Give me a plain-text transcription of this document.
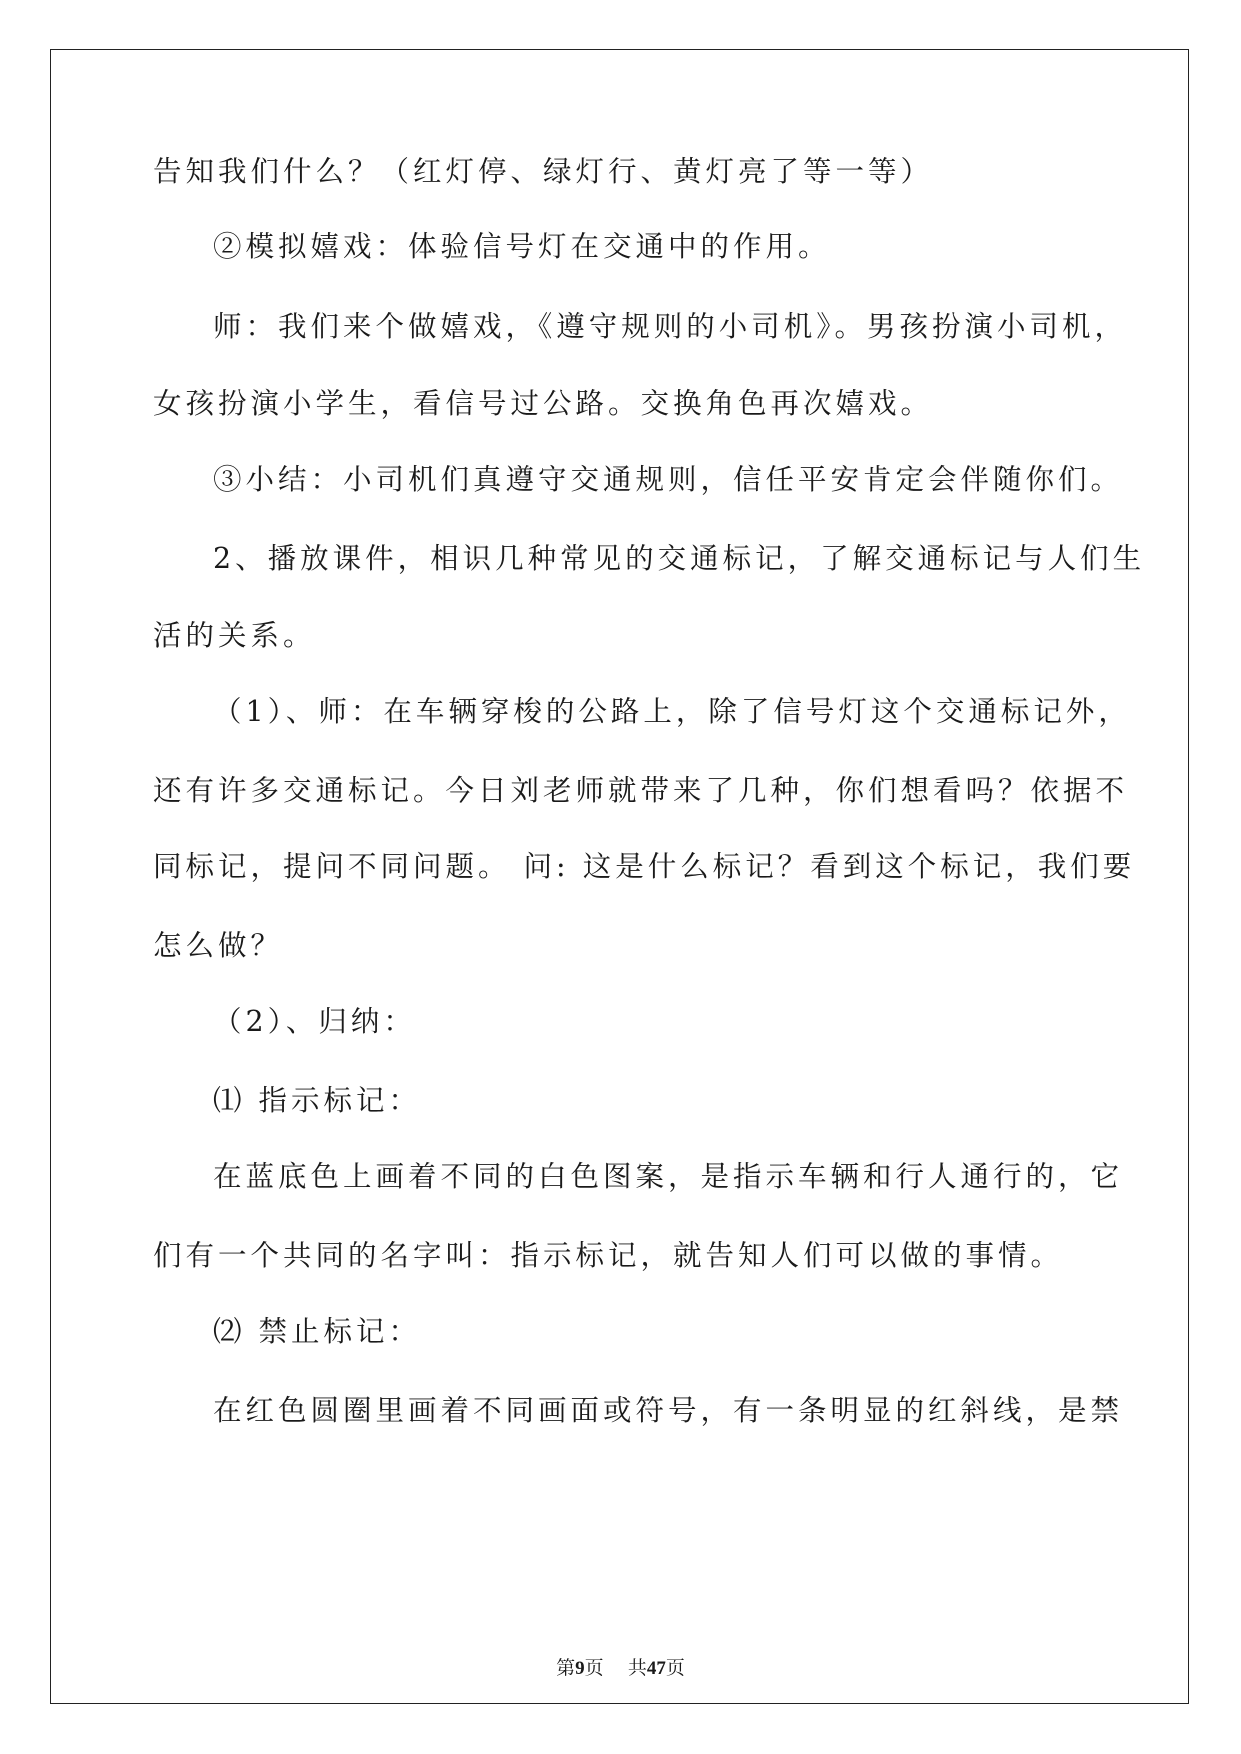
告知我们什么？（红灯停、绿灯行、黄灯亮了等一等）
②模拟嬉戏：体验信号灯在交通中的作用。
师：我们来个做嬉戏，《遵守规则的小司机》。男孩扮演小司机，
女孩扮演小学生，看信号过公路。交换角色再次嬉戏。
③小结：小司机们真遵守交通规则，信任平安肯定会伴随你们。
2、播放课件，相识几种常见的交通标记，了解交通标记与人们生
活的关系。
（1）、师：在车辆穿梭的公路上，除了信号灯这个交通标记外，
还有许多交通标记。今日刘老师就带来了几种，你们想看吗？依据不
同标记，提问不同问题。 问: 这是什么标记？看到这个标记，我们要
怎么做？
（2）、归纳：
⑴ 指示标记：
在蓝底色上画着不同的白色图案，是指示车辆和行人通行的，它
们有一个共同的名字叫：指示标记，就告知人们可以做的事情。
⑵ 禁止标记：
在红色圆圈里画着不同画面或符号，有一条明显的红斜线，是禁
第9页 共47页
